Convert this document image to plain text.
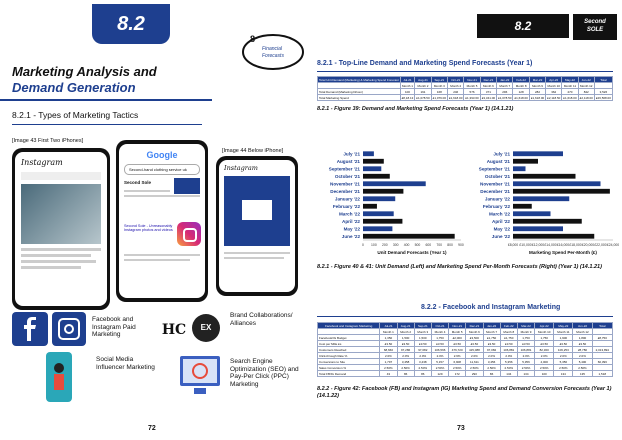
8.2
8
Financial
Forecasts
Marketing Analysis and
Demand Generation
8.2.1 - Types of Marketing Tactics
[Image 43 First Two iPhones]
[Image 44 Below iPhone]
Instagram
Google
Second-hand clothing service uk
Second Sole
Second Sole - Unreasonably Instagram photos and videos
Instagram
Facebook and Instagram Paid Marketing	HC	EX
Brand Collaborations/ Alliances
Social Media Influencer Marketing
Search Engine Optimization (SEO) and Pay-Per Click (PPC) Marketing
72
8.2	Second
SOLE
8.2.1 - Top-Line Demand and Marketing Spend Forecasts (Year 1)
Total Unit Demand (Marketing) & Marketing Spend Forecast	Jul-21	Aug-21	Sep-21	Oct-21	Nov-21	Dec-21	Jan-22	Feb-22	Mar-22	Apr-22	May-22	Jun-22	Total
	Month 1	Month 2	Month 3	Month 4	Month 5	Month 6	Month 7	Month 8	Month 9	Month 10	Month 11	Month 12	
Total Demand (Marketing Driven)	100	191	168	246	576	371	296	128	282	362	270	842	3,526
Total Marketing Spend	£8,18.13	£1,078.50	£1,079.00	£1,618.00	£1,393.60	£3,341.00	£1,078.50	£1,618.00	£1,618.00	£2,118.50	£1,618.00	£2,118.00	£26,568.00
8.2.1 - Figure 39: Demand and Marketing Spend Forecasts (Year 1) (14.1.21)
July '21
August '21
September '21
October '21
November '21
December '21
January '22
February '22
March '22
April '22
May '22
June '22
0 100 200 300 400 500 600 700 800 900
Unit Demand Forecasts (Year 1)
July '21
August '21
September '21
October '21
November '21
December '21
January '22
February '22
March '22
April '22
May '22
June '22
£8,000 £10,000 £12,000 £14,000 £16,000 £18,000 £20,000 £22,000 £24,000
Marketing Spend Per-Month (£)
8.2.1 - Figure 40 & 41: Unit Demand (Left) and Marketing Spend Per-Month Forecasts (Right) (Year 1) (14.1.21)
8.2.2 - Facebook and Instagram Marketing
Facebook and Instagram Marketing	Jul-21	Aug-21	Sep-21	Oct-21	Nov-21	Dec-21	Jan-22	Feb-22	Mar-22	Apr-22	May-22	Jun-22	Total
	Month 1	Month 2	Month 3	Month 4	Month 5	Month 6	Month 7	Month 8	Month 9	Month 10	Month 11	Month 12	
Facebook/IG Budget	1,350	1,500	1,500	1,750	£2,000	£3,500	£1,750	£1,750	1,750	1,750	1,900	1,800	£8,750
Cost per Mille £s	£3.50	£3.50	£3.50	£3.50	£3.50	£3.50	£3.50	£3.50	£3.50	£3.50	£3.50	£3.50	
Customers Reached	68,660	97,286	97,082	106,566	476,720	415,088	97,082	106,881	106,881	82,300	106,253	28,780	2,013,894
Click-through Rate %	2.0%	2.0%	2.0%	2.0%	2.6%	2.0%	2.0%	2.0%	2.0%	2.0%	2.0%	2.0%	
Conversions to Site	1,797	3,458	3,438	5,157	6,908	11,611	3,456	5,356	5,356	4,000	5,356	5,400	60,396
Sales Conversion %	2.50%	2.50%	2.50%	2.50%	2.50%	2.50%	2.50%	2.50%	2.50%	2.50%	2.50%	2.50%	
Total FB/IG Demand	43	86	86	129	172	290	86	134	134	100	134	135	1,518
8.2.2 - Figure 42: Facebook (FB) and Instagram (IG) Marketing Spend and Demand Conversion Forecasts (Year 1) (14.1.22)
73
